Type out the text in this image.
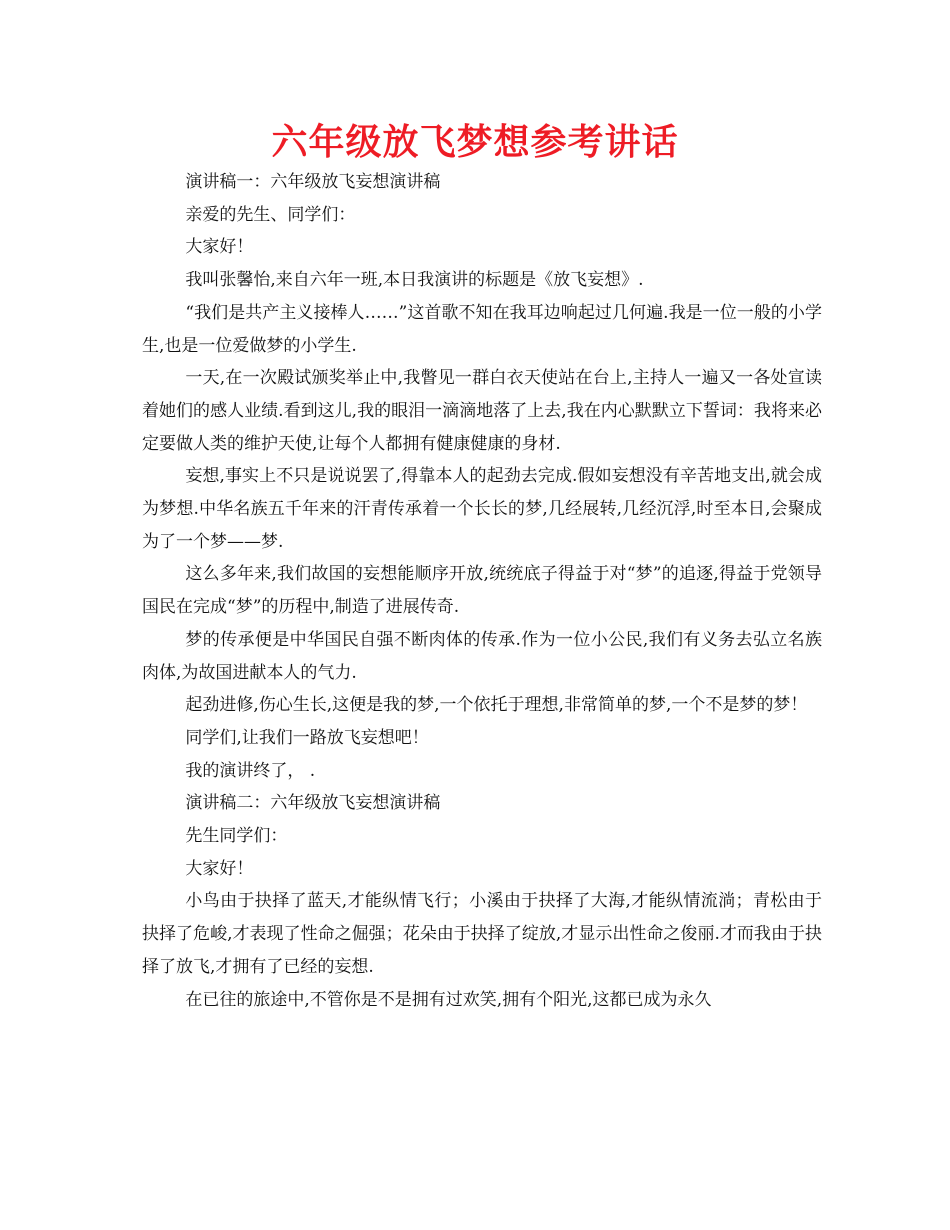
六年级放飞梦想参考讲话

演讲稿一：六年级放飞妄想演讲稿

亲爱的先生、同学们：

大家好！

我叫张馨怡,来自六年一班,本日我演讲的标题是《放飞妄想》.

“我们是共产主义接棒人……”这首歌不知在我耳边响起过几何遍.我是一位一般的小学生,也是一位爱做梦的小学生.

一天,在一次殿试颁奖举止中,我瞥见一群白衣天使站在台上,主持人一遍又一各处宣读着她们的感人业绩.看到这儿,我的眼泪一滴滴地落了上去,我在内心默默立下誓词：我将来必定要做人类的维护天使,让每个人都拥有健康健康的身材.

妄想,事实上不只是说说罢了,得靠本人的起劲去完成.假如妄想没有辛苦地支出,就会成为梦想.中华名族五千年来的汗青传承着一个长长的梦,几经展转,几经沉浮,时至本日,会聚成为了一个梦——梦.

这么多年来,我们故国的妄想能顺序开放,统统底子得益于对“梦”的追逐,得益于党领导国民在完成“梦”的历程中,制造了进展传奇.

梦的传承便是中华国民自强不断肉体的传承.作为一位小公民,我们有义务去弘立名族肉体,为故国进献本人的气力.

起劲进修,伤心生长,这便是我的梦,一个依托于理想,非常简单的梦,一个不是梦的梦！

同学们,让我们一路放飞妄想吧！

我的演讲终了， .

演讲稿二：六年级放飞妄想演讲稿

先生同学们：

大家好！

小鸟由于抉择了蓝天,才能纵情飞行；小溪由于抉择了大海,才能纵情流淌；青松由于抉择了危峻,才表现了性命之倔强；花朵由于抉择了绽放,才显示出性命之俊丽.才而我由于抉择了放飞,才拥有了已经的妄想.

在已往的旅途中,不管你是不是拥有过欢笑,拥有个阳光,这都已成为永久
